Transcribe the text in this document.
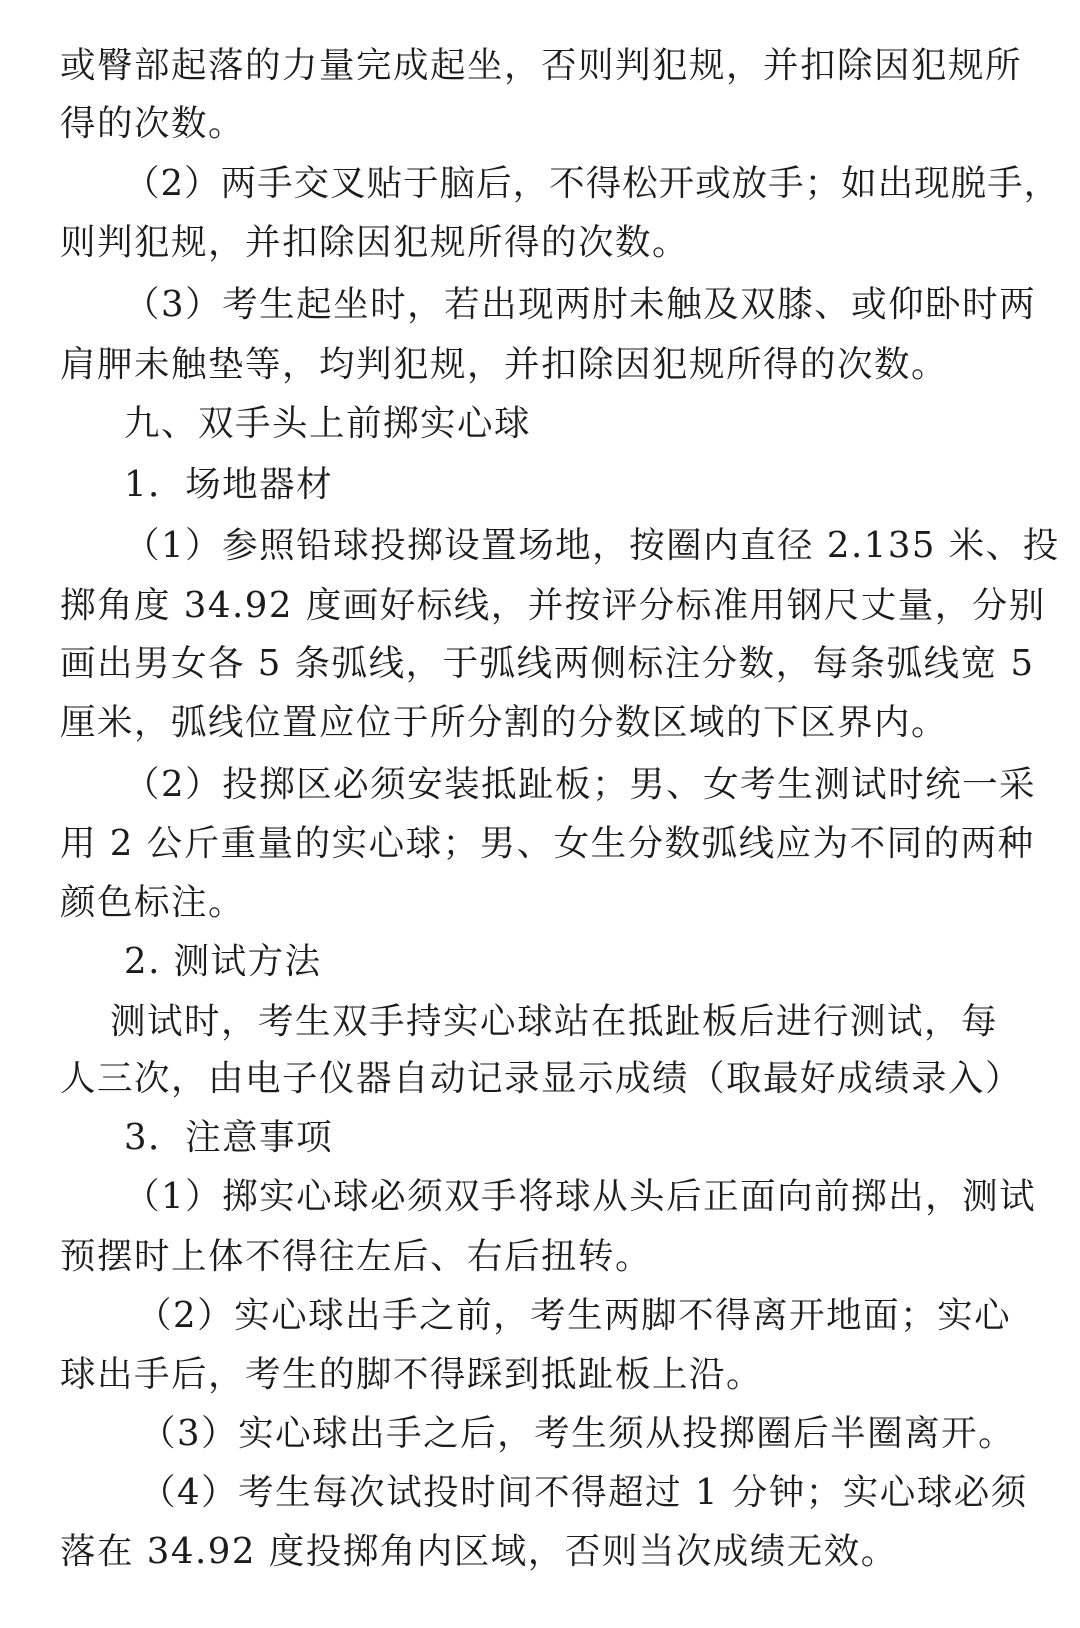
或臀部起落的力量完成起坐，否则判犯规，并扣除因犯规所
得的次数。
（2）两手交叉贴于脑后，不得松开或放手；如出现脱手，
则判犯规，并扣除因犯规所得的次数。
（3）考生起坐时，若出现两肘未触及双膝、或仰卧时两
肩胛未触垫等，均判犯规，并扣除因犯规所得的次数。
九、双手头上前掷实心球
1．场地器材
（1）参照铅球投掷设置场地，按圈内直径 2.135 米、投
掷角度 34.92 度画好标线，并按评分标准用钢尺丈量，分别
画出男女各 5 条弧线，于弧线两侧标注分数，每条弧线宽 5
厘米，弧线位置应位于所分割的分数区域的下区界内。
（2）投掷区必须安装抵趾板；男、女考生测试时统一采
用 2 公斤重量的实心球；男、女生分数弧线应为不同的两种
颜色标注。
2. 测试方法
测试时，考生双手持实心球站在抵趾板后进行测试，每
人三次，由电子仪器自动记录显示成绩（取最好成绩录入）
3．注意事项
（1）掷实心球必须双手将球从头后正面向前掷出，测试
预摆时上体不得往左后、右后扭转。
（2）实心球出手之前，考生两脚不得离开地面；实心
球出手后，考生的脚不得踩到抵趾板上沿。
（3）实心球出手之后，考生须从投掷圈后半圈离开。
（4）考生每次试投时间不得超过 1 分钟；实心球必须
落在 34.92 度投掷角内区域，否则当次成绩无效。
